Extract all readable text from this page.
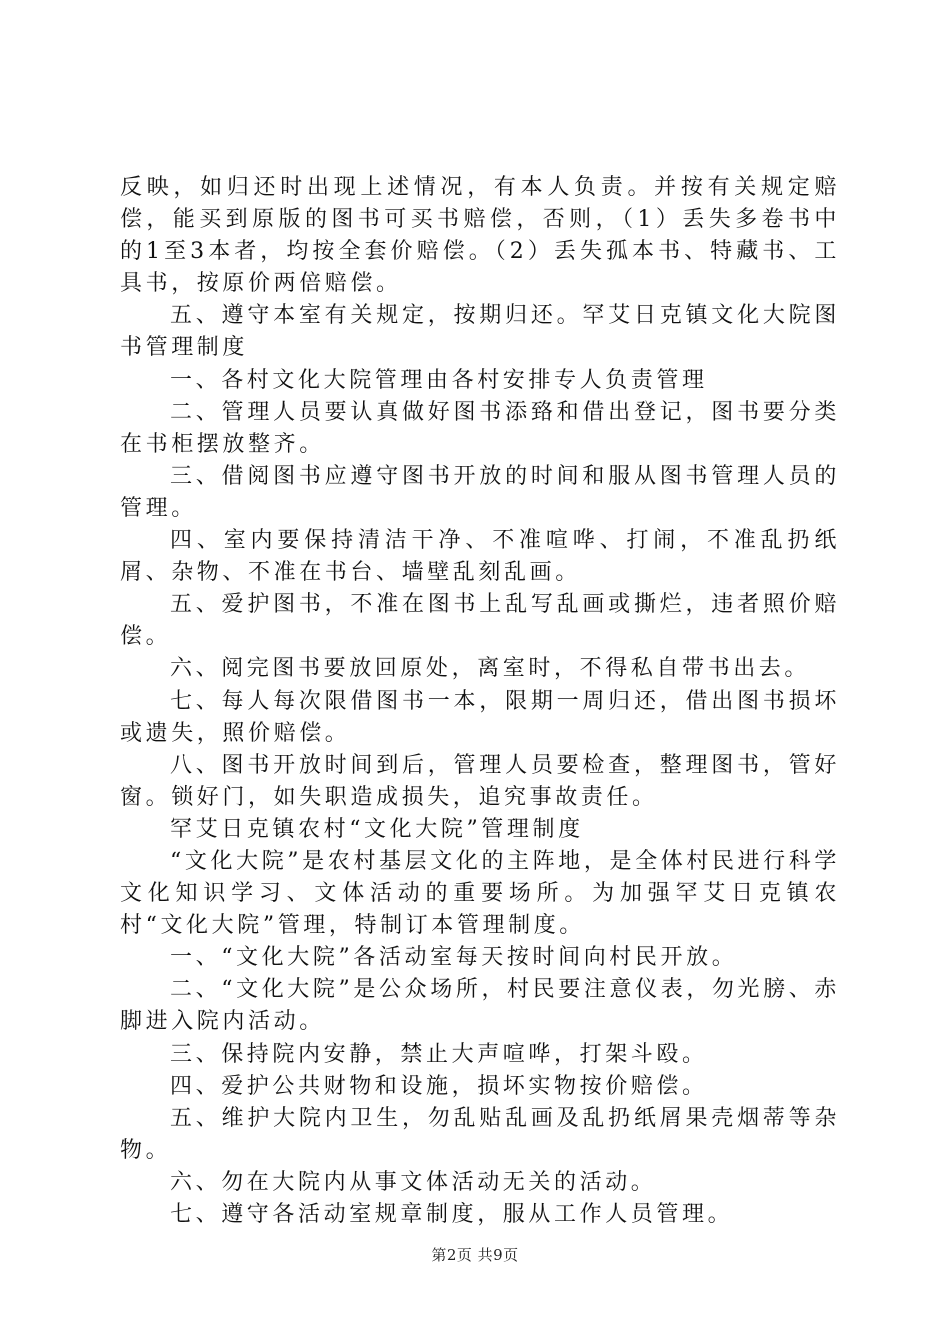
反映，如归还时出现上述情况，有本人负责。并按有关规定赔偿，能买到原版的图书可买书赔偿，否则，（1）丢失多卷书中的1至3本者，均按全套价赔偿。（2）丢失孤本书、特藏书、工具书，按原价两倍赔偿。

五、遵守本室有关规定，按期归还。罕艾日克镇文化大院图书管理制度

一、各村文化大院管理由各村安排专人负责管理

二、管理人员要认真做好图书添臵和借出登记，图书要分类在书柜摆放整齐。

三、借阅图书应遵守图书开放的时间和服从图书管理人员的管理。

四、室内要保持清洁干净、不准喧哗、打闹，不准乱扔纸屑、杂物、不准在书台、墙壁乱刻乱画。

五、爱护图书，不准在图书上乱写乱画或撕烂，违者照价赔偿。

六、阅完图书要放回原处，离室时，不得私自带书出去。

七、每人每次限借图书一本，限期一周归还，借出图书损坏或遗失，照价赔偿。

八、图书开放时间到后，管理人员要检查，整理图书，管好窗。锁好门，如失职造成损失，追究事故责任。

罕艾日克镇农村“文化大院”管理制度

“文化大院”是农村基层文化的主阵地，是全体村民进行科学文化知识学习、文体活动的重要场所。为加强罕艾日克镇农村“文化大院”管理，特制订本管理制度。

一、“文化大院”各活动室每天按时间向村民开放。

二、“文化大院”是公众场所，村民要注意仪表，勿光膀、赤脚进入院内活动。

三、保持院内安静，禁止大声喧哗，打架斗殴。

四、爱护公共财物和设施，损坏实物按价赔偿。

五、维护大院内卫生，勿乱贴乱画及乱扔纸屑果壳烟蒂等杂物。

六、勿在大院内从事文体活动无关的活动。

七、遵守各活动室规章制度，服从工作人员管理。

第2页 共9页
